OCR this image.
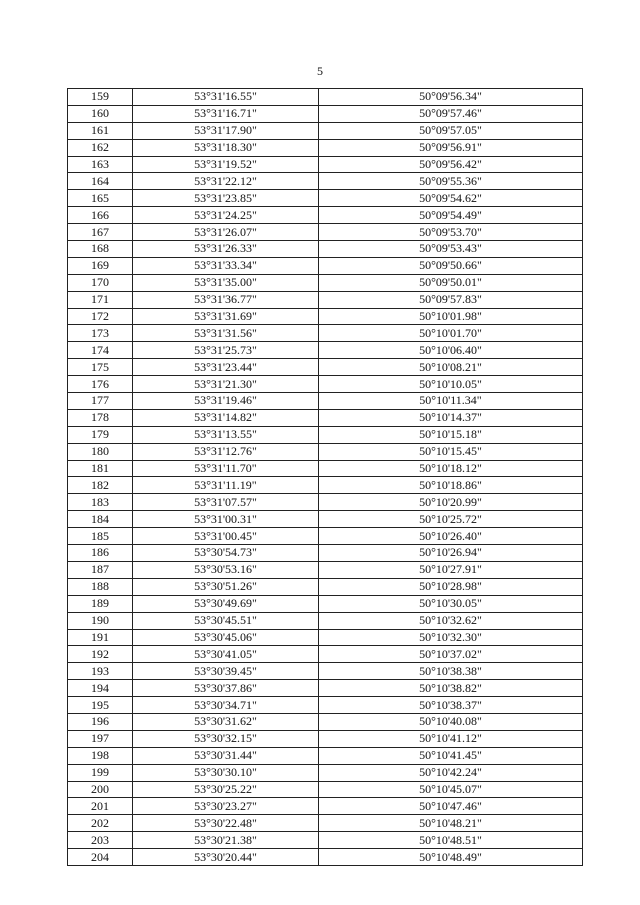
5
159	53°31'16.55"	50°09'56.34"
160	53°31'16.71"	50°09'57.46"
161	53°31'17.90"	50°09'57.05"
162	53°31'18.30"	50°09'56.91"
163	53°31'19.52"	50°09'56.42"
164	53°31'22.12"	50°09'55.36"
165	53°31'23.85"	50°09'54.62"
166	53°31'24.25"	50°09'54.49"
167	53°31'26.07"	50°09'53.70"
168	53°31'26.33"	50°09'53.43"
169	53°31'33.34"	50°09'50.66"
170	53°31'35.00"	50°09'50.01"
171	53°31'36.77"	50°09'57.83"
172	53°31'31.69"	50°10'01.98"
173	53°31'31.56"	50°10'01.70"
174	53°31'25.73"	50°10'06.40"
175	53°31'23.44"	50°10'08.21"
176	53°31'21.30"	50°10'10.05"
177	53°31'19.46"	50°10'11.34"
178	53°31'14.82"	50°10'14.37"
179	53°31'13.55"	50°10'15.18"
180	53°31'12.76"	50°10'15.45"
181	53°31'11.70"	50°10'18.12"
182	53°31'11.19"	50°10'18.86"
183	53°31'07.57"	50°10'20.99"
184	53°31'00.31"	50°10'25.72"
185	53°31'00.45"	50°10'26.40"
186	53°30'54.73"	50°10'26.94"
187	53°30'53.16"	50°10'27.91"
188	53°30'51.26"	50°10'28.98"
189	53°30'49.69"	50°10'30.05"
190	53°30'45.51"	50°10'32.62"
191	53°30'45.06"	50°10'32.30"
192	53°30'41.05"	50°10'37.02"
193	53°30'39.45"	50°10'38.38"
194	53°30'37.86"	50°10'38.82"
195	53°30'34.71"	50°10'38.37"
196	53°30'31.62"	50°10'40.08"
197	53°30'32.15"	50°10'41.12"
198	53°30'31.44"	50°10'41.45"
199	53°30'30.10"	50°10'42.24"
200	53°30'25.22"	50°10'45.07"
201	53°30'23.27"	50°10'47.46"
202	53°30'22.48"	50°10'48.21"
203	53°30'21.38"	50°10'48.51"
204	53°30'20.44"	50°10'48.49"
